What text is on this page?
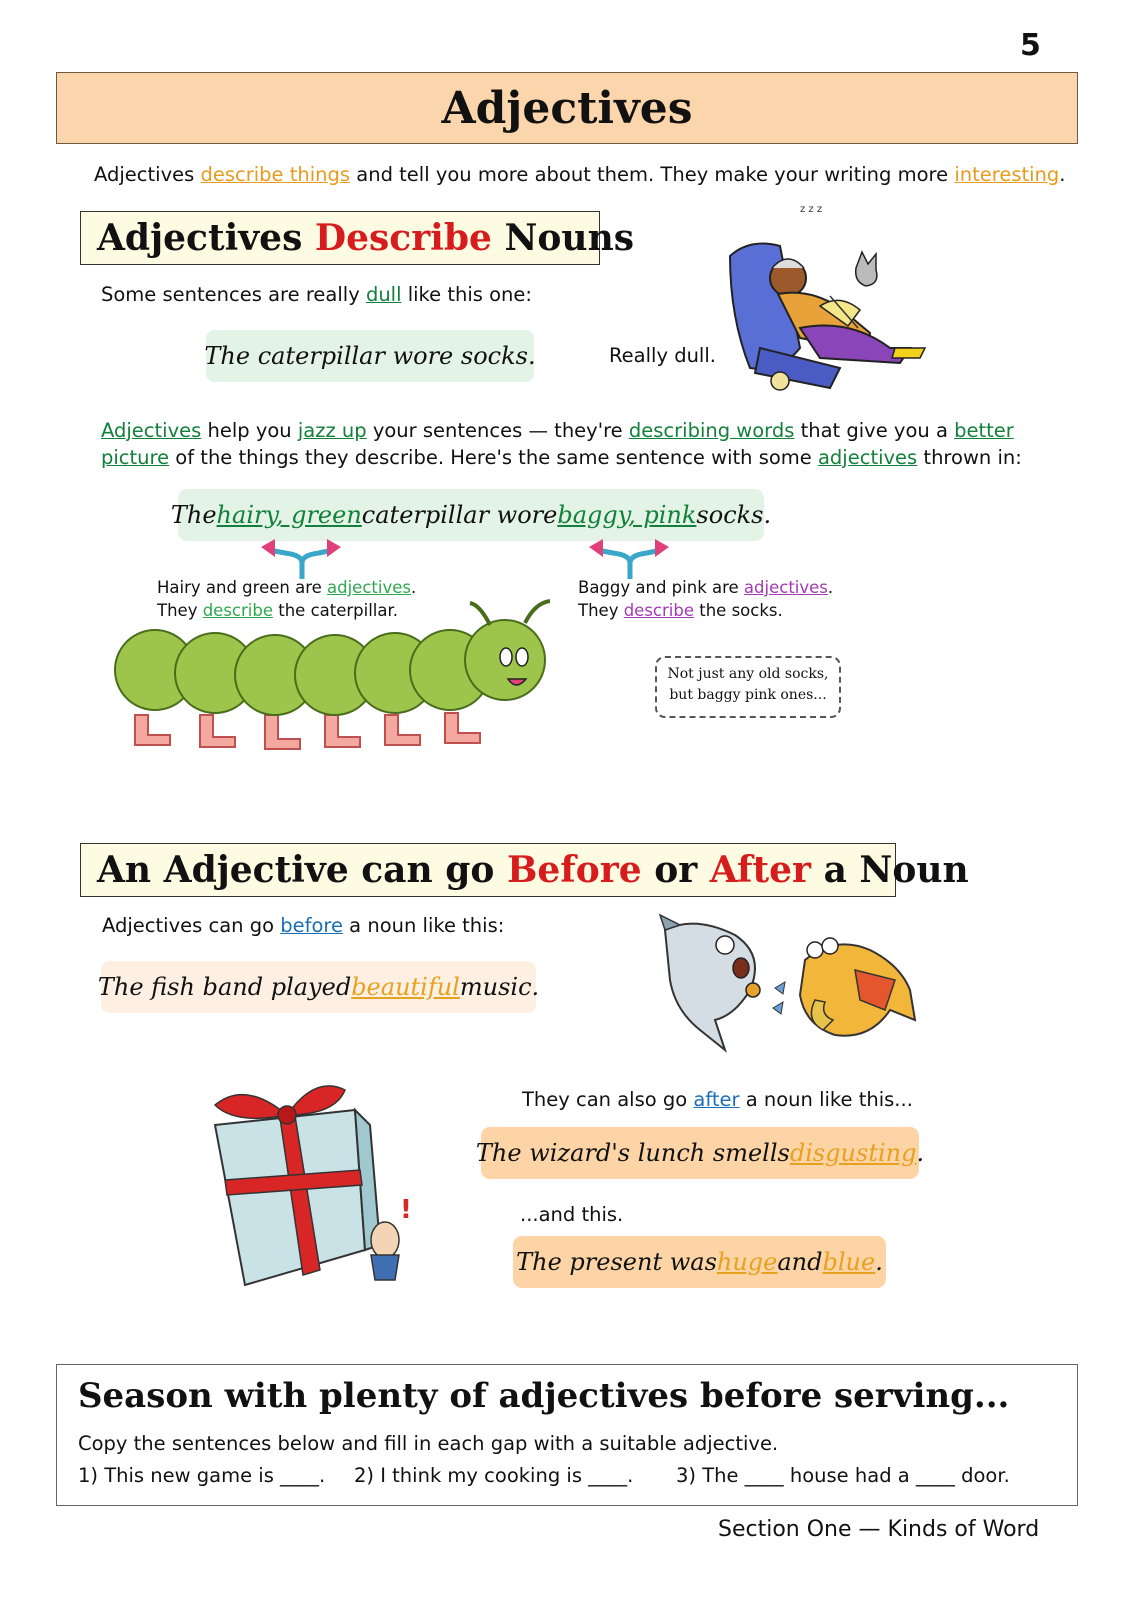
5
Adjectives
Adjectives describe things and tell you more about them. They make your writing more interesting.
Adjectives
Describe
Nouns
z z z
Some sentences are really dull like this one:
The caterpillar wore socks.	Really dull.
Adjectives help you jazz up your sentences — they're describing words that give you a better
picture of the things they describe. Here's the same sentence with some adjectives thrown in:
The hairy, green caterpillar wore baggy, pink socks.
Hairy and green are adjectives.
They describe the caterpillar.
Baggy and pink are adjectives.
They describe the socks.
Not just any old socks,
but baggy pink ones...
An Adjective can go
Before
or
After
a Noun
Adjectives can go before a noun like this:
The fish band played beautiful music.
!
They can also go after a noun like this...
The wizard's lunch smells disgusting .
...and this.
The present was huge and blue .
Season with plenty of adjectives before serving...
Copy the sentences below and fill in each gap with a suitable adjective.
1) This new game is ____. 2) I think my cooking is ____. 3) The ____ house had a ____ door.
Section One — Kinds of Word
